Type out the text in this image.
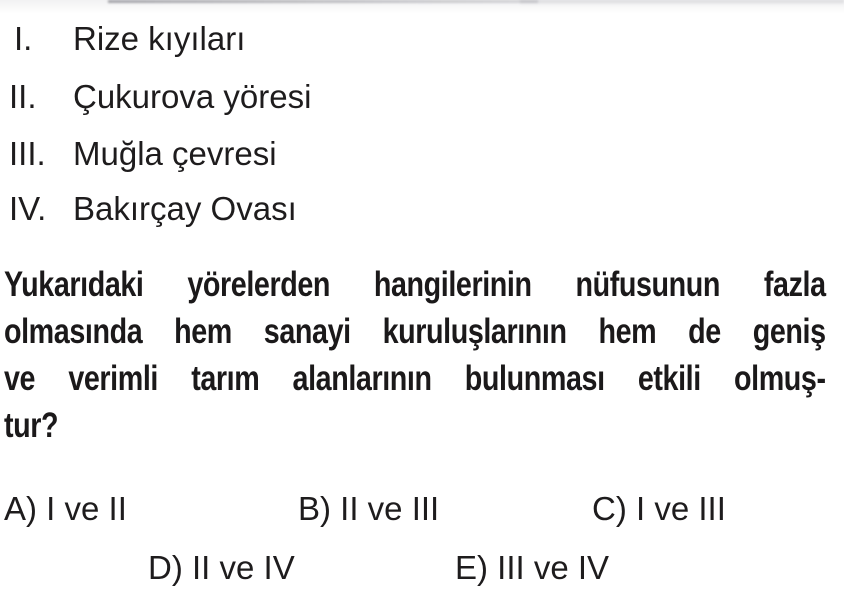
I. Rize kıyıları
II. Çukurova yöresi
III. Muğla çevresi
IV. Bakırçay Ovası
Yukarıdaki yörelerden hangilerinin nüfusunun fazla
olmasında hem sanayi kuruluşlarının hem de geniş
ve verimli tarım alanlarının bulunması etkili olmuş-
tur?
A) I ve II	B) II ve III	C) I ve III
D) II ve IV	E) III ve IV
